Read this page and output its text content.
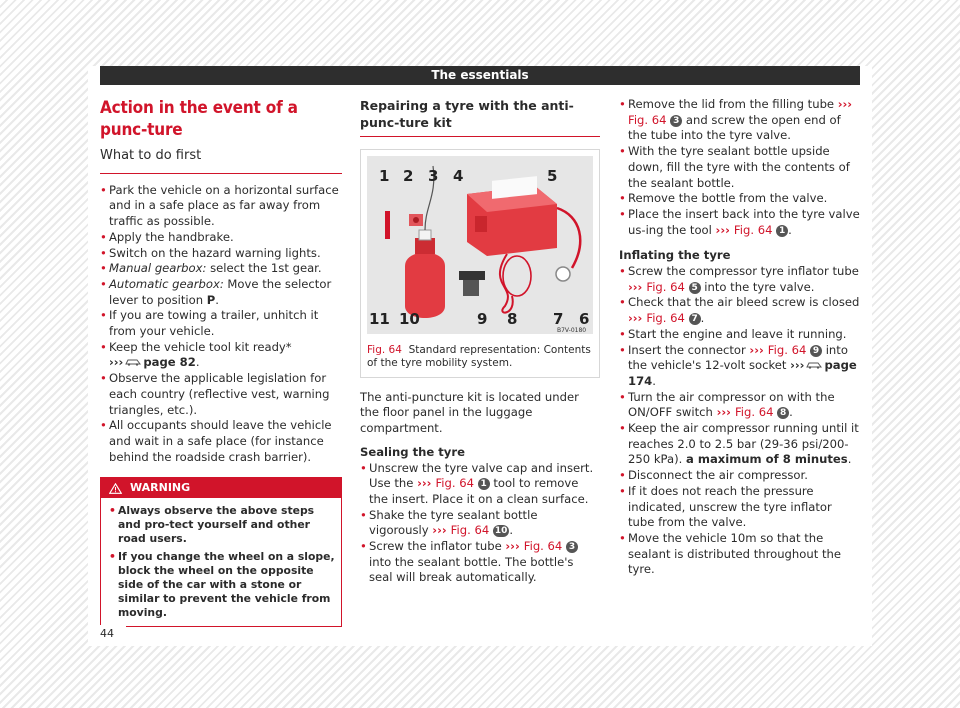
The essentials
Action in the event of a punc-ture
What to do first
• Park the vehicle on a horizontal surface and in a safe place as far away from traffic as possible.
• Apply the handbrake.
• Switch on the hazard warning lights.
• Manual gearbox: select the 1st gear.
• Automatic gearbox: Move the selector lever to position P.
• If you are towing a trailer, unhitch it from your vehicle.
• Keep the vehicle tool kit ready*
››› page 82.
• Observe the applicable legislation for each country (reflective vest, warning triangles, etc.).
• All occupants should leave the vehicle and wait in a safe place (for instance behind the roadside crash barrier).
WARNING
• Always observe the above steps and pro-tect yourself and other road users.
• If you change the wheel on a slope, block the wheel on the opposite side of the car with a stone or similar to prevent the vehicle from moving.
Repairing a tyre with the anti-punc-ture kit
1 2 3 4	5
6
7
8
9
10
11
B7V-0180
Fig. 64 Standard representation: Contents of the tyre mobility system.

The anti-puncture kit is located under the floor panel in the luggage compartment.

Sealing the tyre

• Unscrew the tyre valve cap and insert. Use the ››› Fig. 64 1 tool to remove the insert. Place it on a clean surface.
• Shake the tyre sealant bottle vigorously ››› Fig. 64 10 .
• Screw the inflator tube ››› Fig. 64 3 into the sealant bottle. The bottle's seal will break automatically.
• Remove the lid from the filling tube ››› Fig. 64 3 and screw the open end of the tube into the tyre valve.
• With the tyre sealant bottle upside down, fill the tyre with the contents of the sealant bottle.
• Remove the bottle from the valve.
• Place the insert back into the tyre valve us-ing the tool ››› Fig. 64 1 .

Inflating the tyre

• Screw the compressor tyre inflator tube ››› Fig. 64 5 into the tyre valve.
• Check that the air bleed screw is closed ››› Fig. 64 7 .
• Start the engine and leave it running.
• Insert the connector ››› Fig. 64 9 into the vehicle's 12-volt socket ››› page 174.
• Turn the air compressor on with the ON/OFF switch ››› Fig. 64 8 .
• Keep the air compressor running until it reaches 2.0 to 2.5 bar (29-36 psi/200-250 kPa). a maximum of 8 minutes.
• Disconnect the air compressor.
• If it does not reach the pressure indicated, unscrew the tyre inflator tube from the valve.
• Move the vehicle 10m so that the sealant is distributed throughout the tyre.
44
